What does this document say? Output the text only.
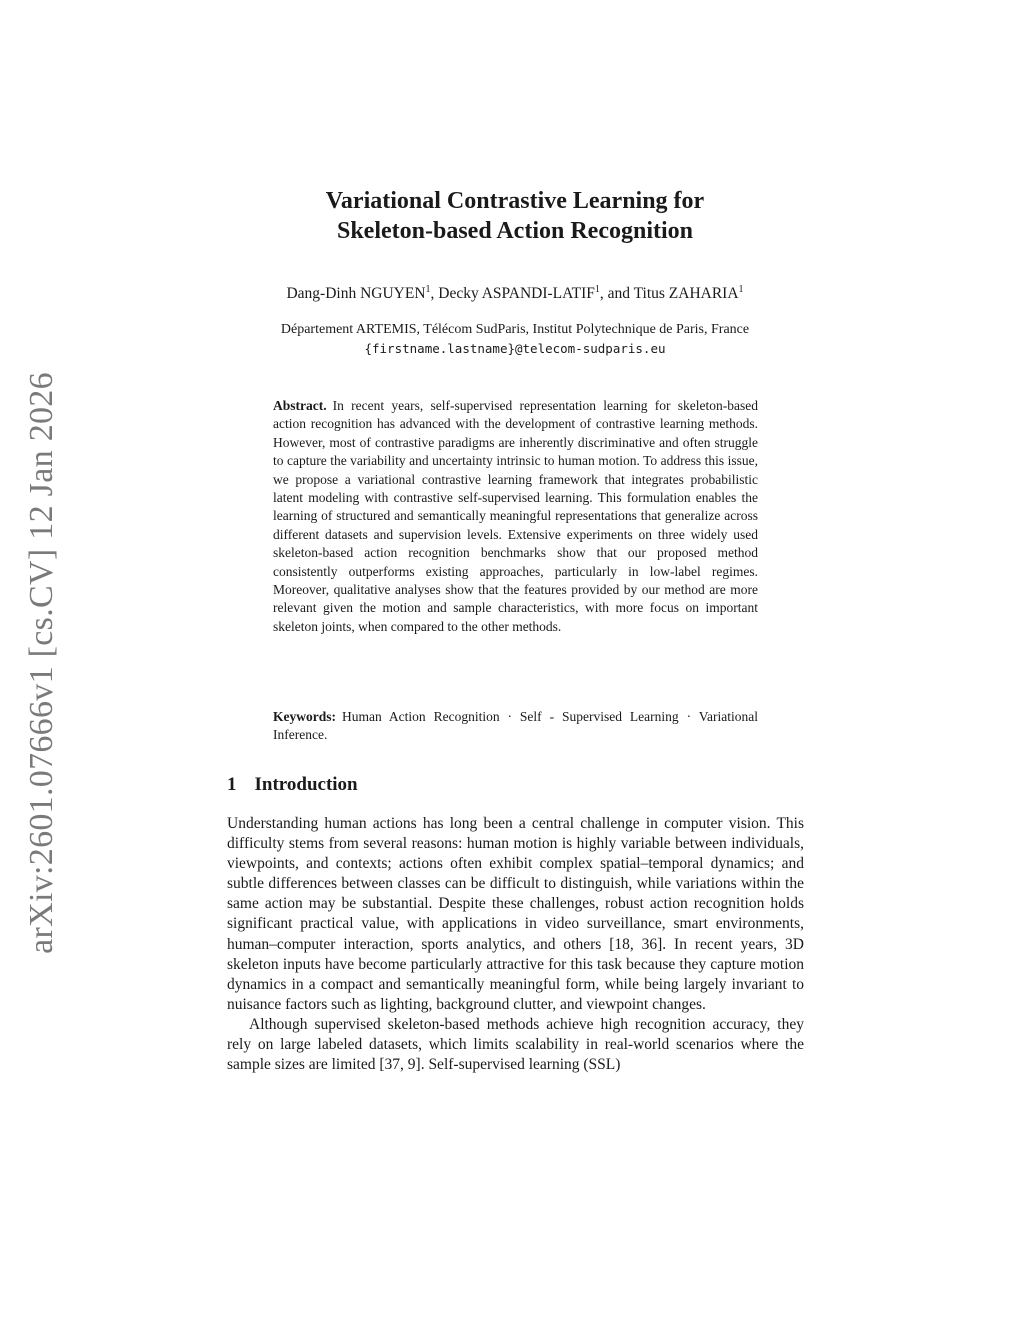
arXiv:2601.07666v1 [cs.CV] 12 Jan 2026
Variational Contrastive Learning for
Skeleton-based Action Recognition
Dang-Dinh NGUYEN$^1$, Decky ASPANDI-LATIF$^1$, and Titus ZAHARIA$^1$
Département ARTEMIS, Télécom SudParis, Institut Polytechnique de Paris, France
{firstname.lastname}@telecom-sudparis.eu
Abstract. In recent years, self-supervised representation learning for skeleton-based action recognition has advanced with the development of contrastive learning methods. However, most of contrastive paradigms are inherently discriminative and often struggle to capture the variability and uncertainty intrinsic to human motion. To address this issue, we propose a variational contrastive learning framework that integrates probabilistic latent modeling with contrastive self-supervised learning. This formulation enables the learning of structured and semantically meaningful representations that generalize across different datasets and supervision levels. Extensive experiments on three widely used skeleton-based action recognition benchmarks show that our proposed method consistently outperforms existing approaches, particularly in low-label regimes. Moreover, qualitative analyses show that the features provided by our method are more relevant given the motion and sample characteristics, with more focus on important skeleton joints, when compared to the other methods.
Keywords: Human Action Recognition · Self - Supervised Learning · Variational Inference.
1 Introduction

Understanding human actions has long been a central challenge in computer vision. This difficulty stems from several reasons: human motion is highly variable between individuals, viewpoints, and contexts; actions often exhibit complex spatial–temporal dynamics; and subtle differences between classes can be difficult to distinguish, while variations within the same action may be substantial. Despite these challenges, robust action recognition holds significant practical value, with applications in video surveillance, smart environments, human–computer interaction, sports analytics, and others [18, 36]. In recent years, 3D skeleton inputs have become particularly attractive for this task because they capture motion dynamics in a compact and semantically meaningful form, while being largely invariant to nuisance factors such as lighting, background clutter, and viewpoint changes.

Although supervised skeleton-based methods achieve high recognition accuracy, they rely on large labeled datasets, which limits scalability in real-world scenarios where the sample sizes are limited [37, 9]. Self-supervised learning (SSL)
